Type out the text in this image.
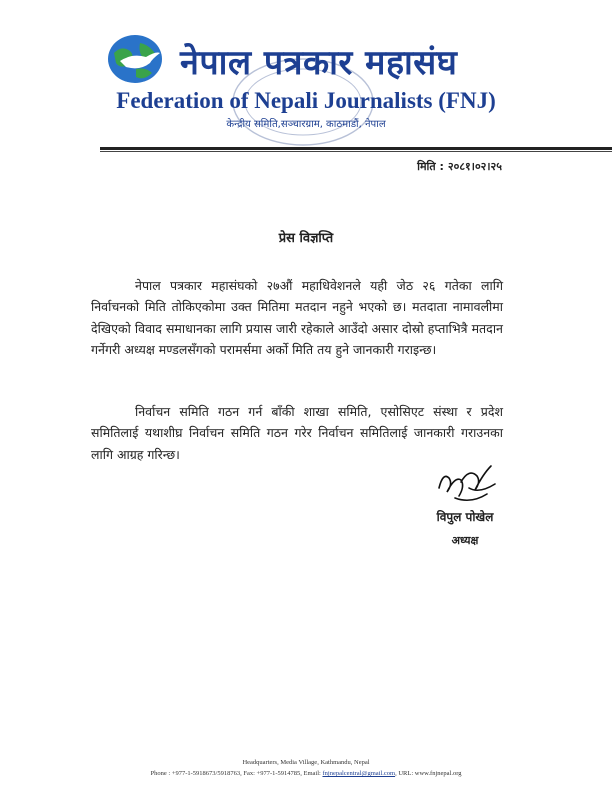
नेपाल पत्रकार महासंघ
Federation of Nepali Journalists (FNJ)
केन्द्रीय समिति,सञ्चारग्राम, काठमाडौं, नेपाल
मिति : २०८१।०२।२५
प्रेस विज्ञप्ति

नेपाल पत्रकार महासंघको २७औं महाधिवेशनले यही जेठ २६ गतेका लागि निर्वाचनको मिति तोकिएकोमा उक्त मितिमा मतदान नहुने भएको छ। मतदाता नामावलीमा देखिएको विवाद समाधानका लागि प्रयास जारी रहेकाले आउँदो असार दोस्रो हप्ताभित्रै मतदान गर्नेगरी अध्यक्ष मण्डलसँगको परामर्समा अर्को मिति तय हुने जानकारी गराइन्छ।

निर्वाचन समिति गठन गर्न बाँकी शाखा समिति, एसोसिएट संस्था र प्रदेश समितिलाई यथाशीघ्र निर्वाचन समिति गठन गरेर निर्वाचन समितिलाई जानकारी गराउनका लागि आग्रह गरिन्छ।

विपुल पोखेल
अध्यक्ष
Headquarters, Media Village, Kathmandu, Nepal
Phone : +977-1-5918673/5918763, Fax: +977-1-5914785, Email: fnjnepalcentral@gmail.com, URL: www.fnjnepal.org
